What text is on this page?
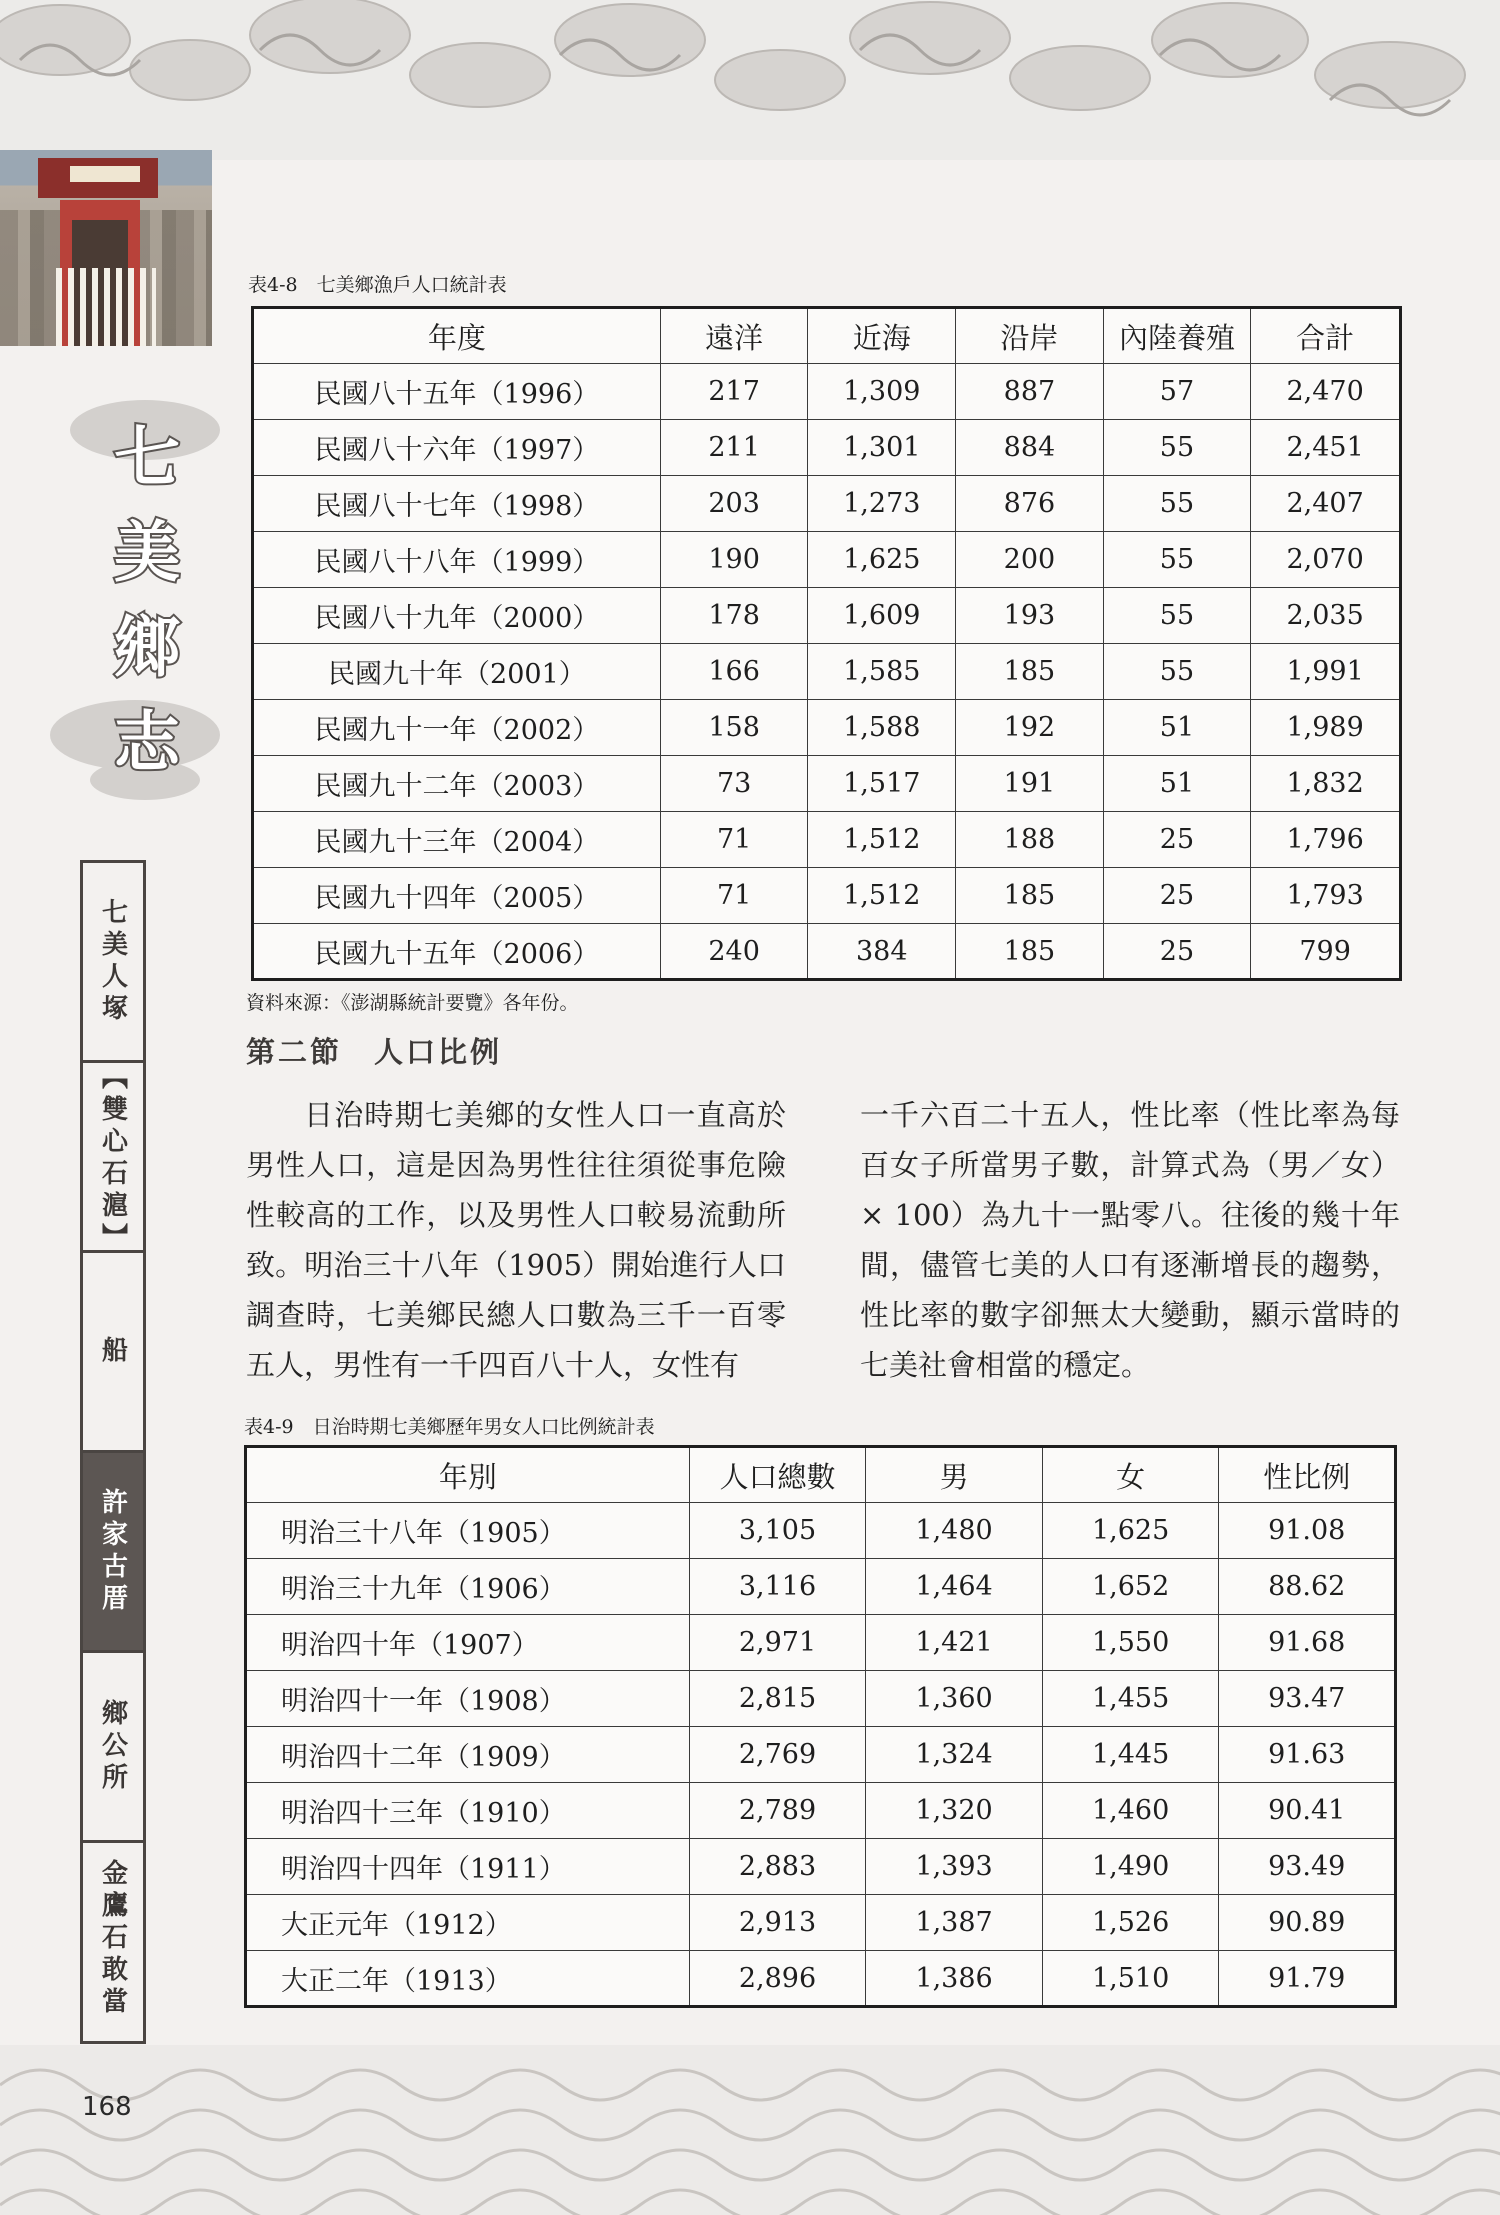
七
美
鄉
志
七美人塚
【雙心石滬】
船
許家古厝
鄉公所
金鷹石敢當
表4-8　七美鄉漁戶人口統計表
年度	遠洋	近海	沿岸	內陸養殖	合計
民國八十五年（1996）	217	1,309	887	57	2,470
民國八十六年（1997）	211	1,301	884	55	2,451
民國八十七年（1998）	203	1,273	876	55	2,407
民國八十八年（1999）	190	1,625	200	55	2,070
民國八十九年（2000）	178	1,609	193	55	2,035
民國九十年（2001）	166	1,585	185	55	1,991
民國九十一年（2002）	158	1,588	192	51	1,989
民國九十二年（2003）	73	1,517	191	51	1,832
民國九十三年（2004）	71	1,512	188	25	1,796
民國九十四年（2005）	71	1,512	185	25	1,793
民國九十五年（2006）	240	384	185	25	799
資料來源：《澎湖縣統計要覽》各年份。
第二節　人口比例
日治時期七美鄉的女性人口一直高於男性人口，這是因為男性往往須從事危險性較高的工作，以及男性人口較易流動所致。明治三十八年（1905）開始進行人口調查時，七美鄉民總人口數為三千一百零五人，男性有一千四百八十人，女性有
一千六百二十五人，性比率（性比率為每百女子所當男子數，計算式為（男／女）× 100）為九十一點零八。往後的幾十年間，儘管七美的人口有逐漸增長的趨勢，性比率的數字卻無太大變動，顯示當時的七美社會相當的穩定。
表4-9　日治時期七美鄉歷年男女人口比例統計表
年別	人口總數	男	女	性比例
明治三十八年（1905）	3,105	1,480	1,625	91.08
明治三十九年（1906）	3,116	1,464	1,652	88.62
明治四十年（1907）	2,971	1,421	1,550	91.68
明治四十一年（1908）	2,815	1,360	1,455	93.47
明治四十二年（1909）	2,769	1,324	1,445	91.63
明治四十三年（1910）	2,789	1,320	1,460	90.41
明治四十四年（1911）	2,883	1,393	1,490	93.49
大正元年（1912）	2,913	1,387	1,526	90.89
大正二年（1913）	2,896	1,386	1,510	91.79
168
